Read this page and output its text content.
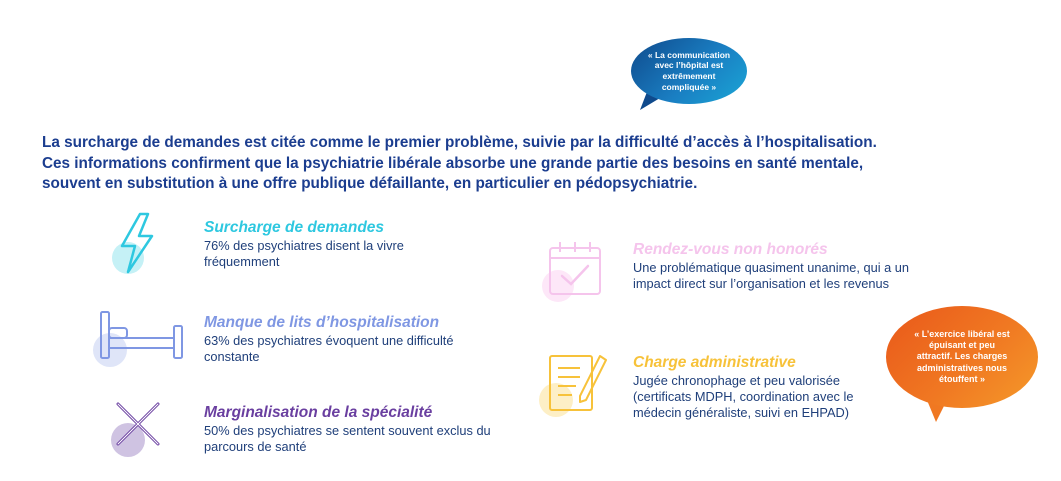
« La communication avec l’hôpital est extrêmement compliquée »

La surcharge de demandes est citée comme le premier problème, suivie par la difficulté d’accès à l’hospitalisation.
Ces informations confirment que la psychiatrie libérale absorbe une grande partie des besoins en santé mentale,
souvent en substitution à une offre publique défaillante, en particulier en pédopsychiatrie.

Surcharge de demandes
76% des psychiatres disent la vivre fréquemment
Manque de lits d’hospitalisation
63% des psychiatres évoquent une difficulté constante
Marginalisation de la spécialité
50% des psychiatres se sentent souvent exclus du parcours de santé
Rendez-vous non honorés
Une problématique quasiment unanime, qui a un impact direct sur l’organisation et les revenus
Charge administrative
Jugée chronophage et peu valorisée (certificats MDPH, coordination avec le médecin généraliste, suivi en EHPAD)
« L’exercice libéral est épuisant et peu attractif. Les charges administratives nous étouffent »
